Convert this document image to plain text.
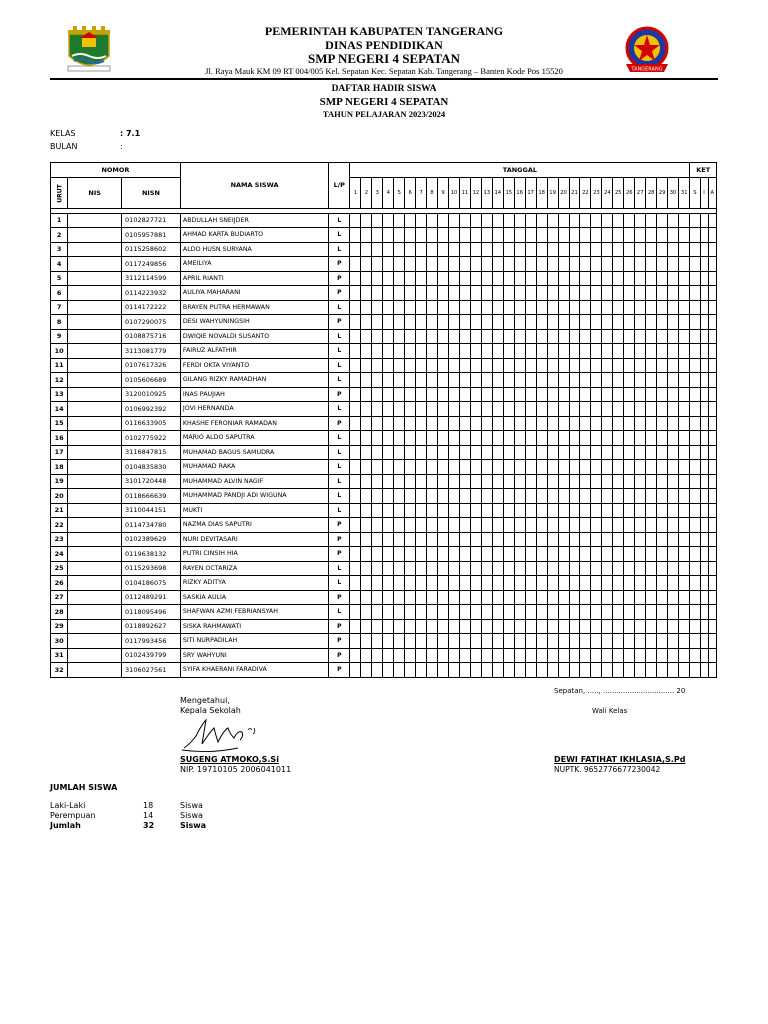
TANGERANG
PEMERINTAH KABUPATEN TANGERANG
DINAS PENDIDIKAN
SMP NEGERI 4 SEPATAN
Jl. Raya Mauk KM 09 RT 004/005 Kel. Sepatan Kec. Sepatan Kab. Tangerang – Banten Kode Pos 15520
DAFTAR HADIR SISWA
SMP NEGERI 4 SEPATAN
TAHUN PELAJARAN 2023/2024
KELAS	: 7.1
BULAN	:
NOMOR			NAMA SISWA	L/P	TANGGAL																															KET		
URUT	NIS	NISN			1	2	3	4	5	6	7	8	9	10	11	12	13	14	15	16	17	18	19	20	21	22	23	24	25	26	27	28	29	30	31	S	I	A

1		0102827721	ABDULLAH SNEIJDER	L																																		
2		0105957881	AHMAD KARTA BUDIARTO	L																																		
3		0115258602	ALDO HUSN SURYANA	L																																		
4		0117249856	AMEILIYA	P																																		
5		3112114599	APRIL RIANTI	P																																		
6		0114223932	AULIYA MAHARANI	P																																		
7		0114172222	BRAYEN PUTRA HERMAWAN	L																																		
8		0107290075	DESI WAHYUNINGSIH	P																																		
9		0108875716	DWIQIE NOVALDI SUSANTO	L																																		
10		3113081779	FAIRUZ ALFATHIR	L																																		
11		0107617326	FERDI OKTA VIYANTO	L																																		
12		0105606689	GILANG RIZKY RAMADHAN	L																																		
13		3120010925	INAS PAUJIAH	P																																		
14		0106992392	JOVI HERNANDA	L																																		
15		0116633905	KHASHE FERONIAR RAMADAN	P																																		
16		0102775922	MARIO ALDO SAPUTRA	L																																		
17		3116847815	MUHAMAD BAGUS SAMUDRA	L																																		
18		0104835830	MUHAMAD RAKA	L																																		
19		3101720448	MUHAMMAD ALVIN NAGIF	L																																		
20		0118666639	MUHAMMAD PANDJI ADI WIGUNA	L																																		
21		3110044151	MUKTI	L																																		
22		0114734780	NAZMA DIAS SAPUTRI	P																																		
23		0102389629	NURI DEVITASARI	P																																		
24		0119638132	PUTRI CINSIH HIA	P																																		
25		0115293698	RAYEN OCTARIZA	L																																		
26		0104186075	RIZKY ADITYA	L																																		
27		0112489291	SASKIA AULIA	P																																		
28		0118095496	SHAFWAN AZMI FEBRIANSYAH	L																																		
29		0118892627	SISKA RAHMAWATI	P																																		
30		0117993456	SITI NURPADILAH	P																																		
31		0102439799	SRY WAHYUNI	P																																		
32		3106027561	SYIFA KHAERANI FARADIVA	P																																		
Sepatan, ....., ................................ 20
Mengetahui,
Kepala Sekolah	Wali Kelas
SUGENG ATMOKO,S.Si
NIP. 19710105 2006041011
DEWI FATIHAT IKHLASIA,S.Pd
NUPTK. 9652776677230042
JUMLAH SISWA
Laki-Laki	18	Siswa
Perempuan	14	Siswa
Jumlah	32	Siswa
